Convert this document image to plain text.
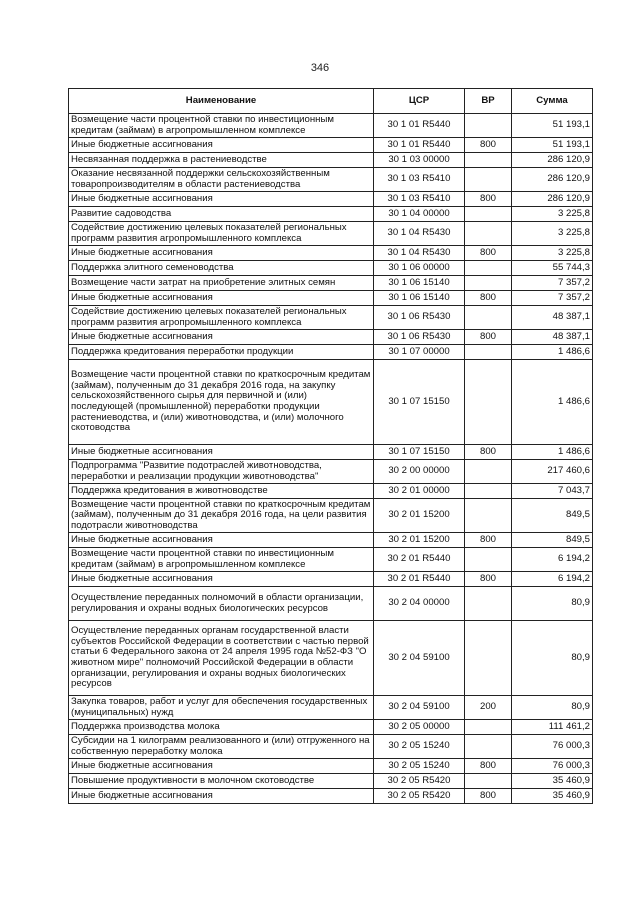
346
Наименование	ЦСР	ВР	Сумма
Возмещение части процентной ставки по инвестиционным кредитам (займам) в агропромышленном комплексе	30 1 01 R5440		51 193,1
Иные бюджетные ассигнования	30 1 01 R5440	800	51 193,1
Несвязанная поддержка в растениеводстве	30 1 03 00000		286 120,9
Оказание несвязанной поддержки сельскохозяйственным товаропроизводителям в области растениеводства	30 1 03 R5410		286 120,9
Иные бюджетные ассигнования	30 1 03 R5410	800	286 120,9
Развитие садоводства	30 1 04 00000		3 225,8
Содействие достижению целевых показателей региональных программ развития агропромышленного комплекса	30 1 04 R5430		3 225,8
Иные бюджетные ассигнования	30 1 04 R5430	800	3 225,8
Поддержка элитного семеноводства	30 1 06 00000		55 744,3
Возмещение части затрат на приобретение элитных семян	30 1 06 15140		7 357,2
Иные бюджетные ассигнования	30 1 06 15140	800	7 357,2
Содействие достижению целевых показателей региональных программ развития агропромышленного комплекса	30 1 06 R5430		48 387,1
Иные бюджетные ассигнования	30 1 06 R5430	800	48 387,1
Поддержка кредитования переработки продукции	30 1 07 00000		1 486,6
Возмещение части процентной ставки по краткосрочным кредитам (займам), полученным до 31 декабря 2016 года, на закупку сельскохозяйственного сырья для первичной и (или) последующей (промышленной) переработки продукции растениеводства, и (или) животноводства, и (или) молочного скотоводства	30 1 07 15150		1 486,6
Иные бюджетные ассигнования	30 1 07 15150	800	1 486,6
Подпрограмма "Развитие подотраслей животноводства, переработки и реализации продукции животноводства"	30 2 00 00000		217 460,6
Поддержка кредитования в животноводстве	30 2 01 00000		7 043,7
Возмещение части процентной ставки по краткосрочным кредитам (займам), полученным до 31 декабря 2016 года, на цели развития подотрасли животноводства	30 2 01 15200		849,5
Иные бюджетные ассигнования	30 2 01 15200	800	849,5
Возмещение части процентной ставки по инвестиционным кредитам (займам) в агропромышленном комплексе	30 2 01 R5440		6 194,2
Иные бюджетные ассигнования	30 2 01 R5440	800	6 194,2
Осуществление переданных полномочий в области организации, регулирования и охраны водных биологических ресурсов	30 2 04 00000		80,9
Осуществление переданных органам государственной власти субъектов Российской Федерации в соответствии с частью первой статьи 6 Федерального закона от 24 апреля 1995 года №52-ФЗ "О животном мире" полномочий Российской Федерации в области организации, регулирования и охраны водных биологических ресурсов	30 2 04 59100		80,9
Закупка товаров, работ и услуг для обеспечения государственных (муниципальных) нужд	30 2 04 59100	200	80,9
Поддержка производства молока	30 2 05 00000		111 461,2
Субсидии на 1 килограмм реализованного и (или) отгруженного на собственную переработку молока	30 2 05 15240		76 000,3
Иные бюджетные ассигнования	30 2 05 15240	800	76 000,3
Повышение продуктивности в молочном скотоводстве	30 2 05 R5420		35 460,9
Иные бюджетные ассигнования	30 2 05 R5420	800	35 460,9
